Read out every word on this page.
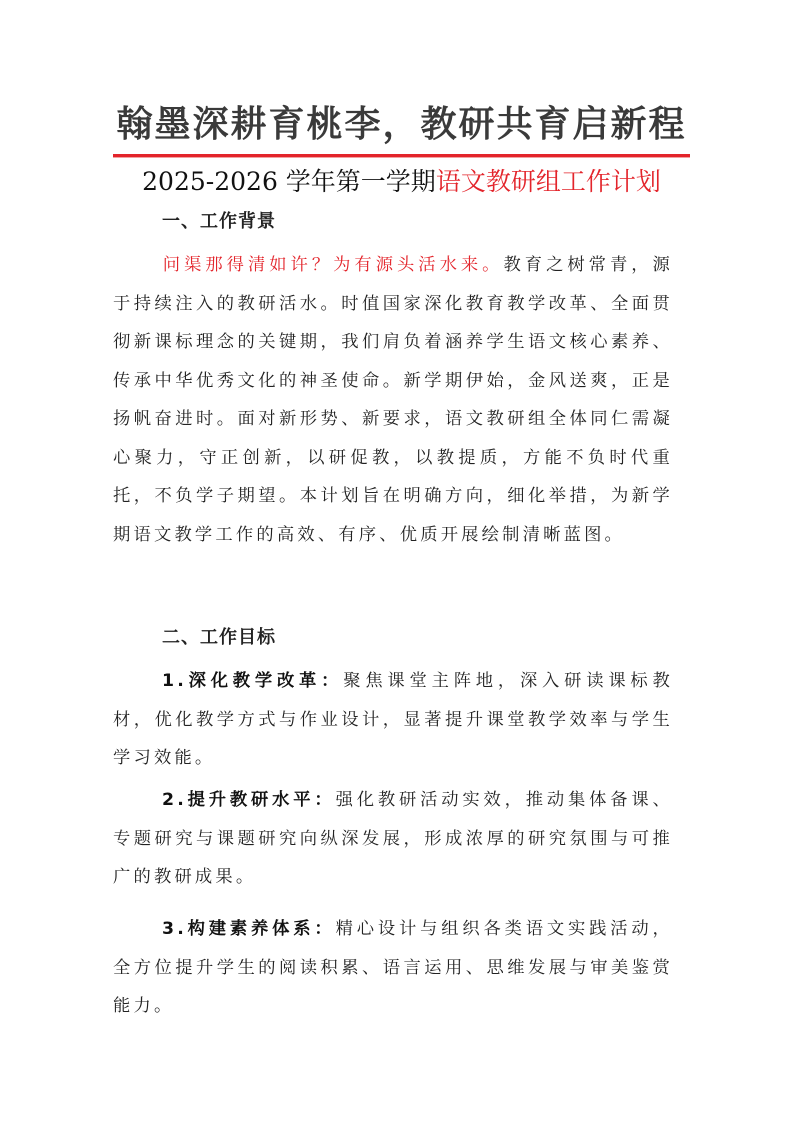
翰墨深耕育桃李，教研共育启新程
2025-2026 学年第一学期语文教研组工作计划
一、工作背景
问渠那得清如许？为有源头活水来。教育之树常青，源于持续注入的教研活水。时值国家深化教育教学改革、全面贯彻新课标理念的关键期，我们肩负着涵养学生语文核心素养、传承中华优秀文化的神圣使命。新学期伊始，金风送爽，正是扬帆奋进时。面对新形势、新要求，语文教研组全体同仁需凝心聚力，守正创新，以研促教，以教提质，方能不负时代重托，不负学子期望。本计划旨在明确方向，细化举措，为新学期语文教学工作的高效、有序、优质开展绘制清晰蓝图。
二、工作目标
1.深化教学改革：聚焦课堂主阵地，深入研读课标教材，优化教学方式与作业设计，显著提升课堂教学效率与学生学习效能。
2.提升教研水平：强化教研活动实效，推动集体备课、专题研究与课题研究向纵深发展，形成浓厚的研究氛围与可推广的教研成果。
3.构建素养体系：精心设计与组织各类语文实践活动，全方位提升学生的阅读积累、语言运用、思维发展与审美鉴赏能力。
